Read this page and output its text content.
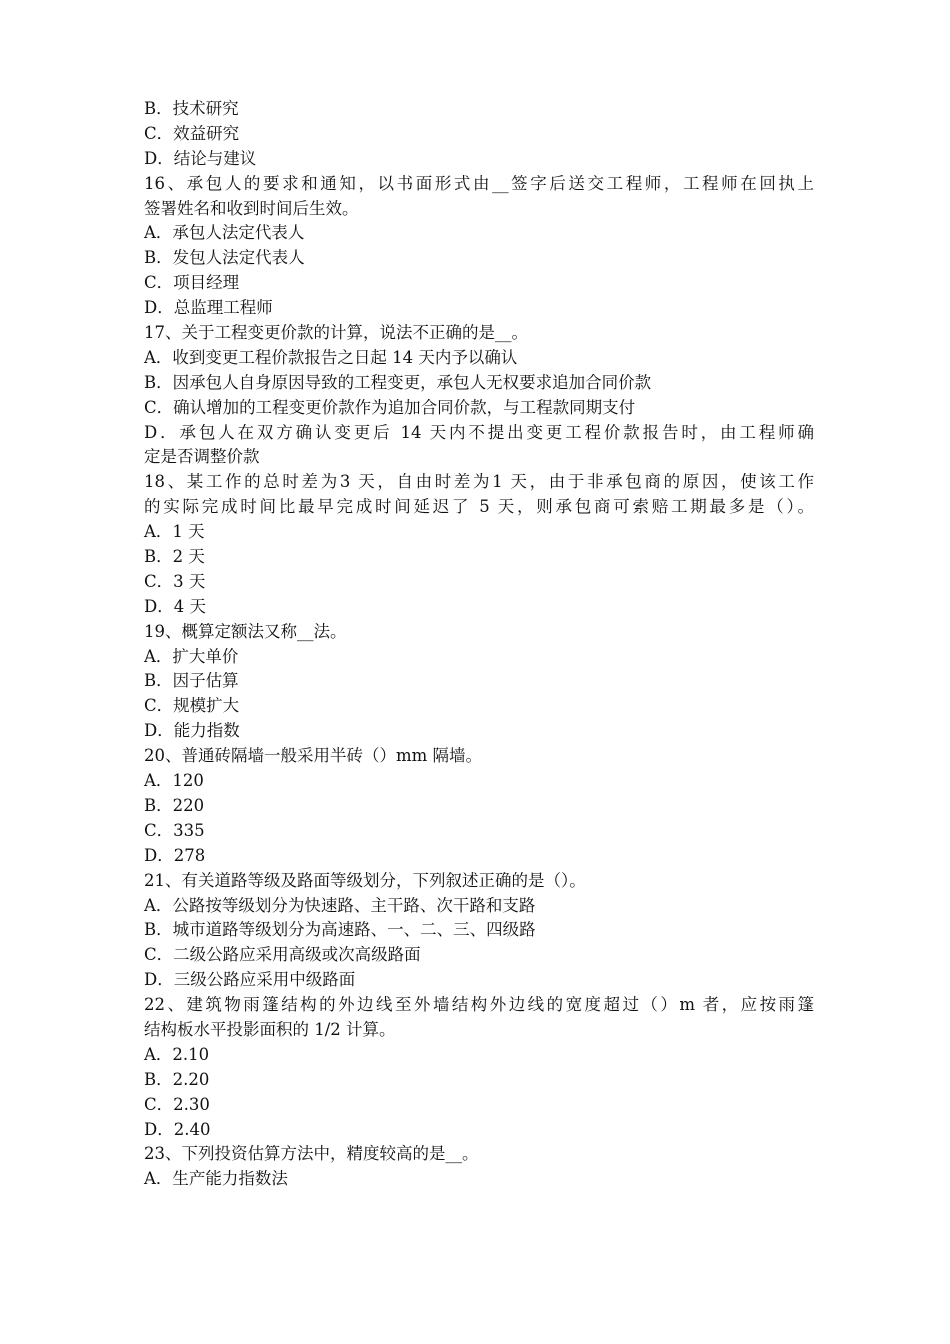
B．技术研究
C．效益研究
D．结论与建议
16、承包人的要求和通知，以书面形式由__签字后送交工程师，工程师在回执上
签署姓名和收到时间后生效。
A．承包人法定代表人
B．发包人法定代表人
C．项目经理
D．总监理工程师
17、关于工程变更价款的计算，说法不正确的是__。
A．收到变更工程价款报告之日起 14 天内予以确认
B．因承包人自身原因导致的工程变更，承包人无权要求追加合同价款
C．确认增加的工程变更价款作为追加合同价款，与工程款同期支付
D．承包人在双方确认变更后 14 天内不提出变更工程价款报告时，由工程师确
定是否调整价款
18、某工作的总时差为3 天，自由时差为1 天，由于非承包商的原因，使该工作
的实际完成时间比最早完成时间延迟了 5 天，则承包商可索赔工期最多是（）。
A．1 天
B．2 天
C．3 天
D．4 天
19、概算定额法又称__法。
A．扩大单价
B．因子估算
C．规模扩大
D．能力指数
20、普通砖隔墙一般采用半砖（）mm 隔墙。
A．120
B．220
C．335
D．278
21、有关道路等级及路面等级划分，下列叙述正确的是（）。
A．公路按等级划分为快速路、主干路、次干路和支路
B．城市道路等级划分为高速路、一、二、三、四级路
C．二级公路应采用高级或次高级路面
D．三级公路应采用中级路面
22、建筑物雨篷结构的外边线至外墙结构外边线的宽度超过（）m 者，应按雨篷
结构板水平投影面积的 1/2 计算。
A．2.10
B．2.20
C．2.30
D．2.40
23、下列投资估算方法中，精度较高的是__。
A．生产能力指数法
